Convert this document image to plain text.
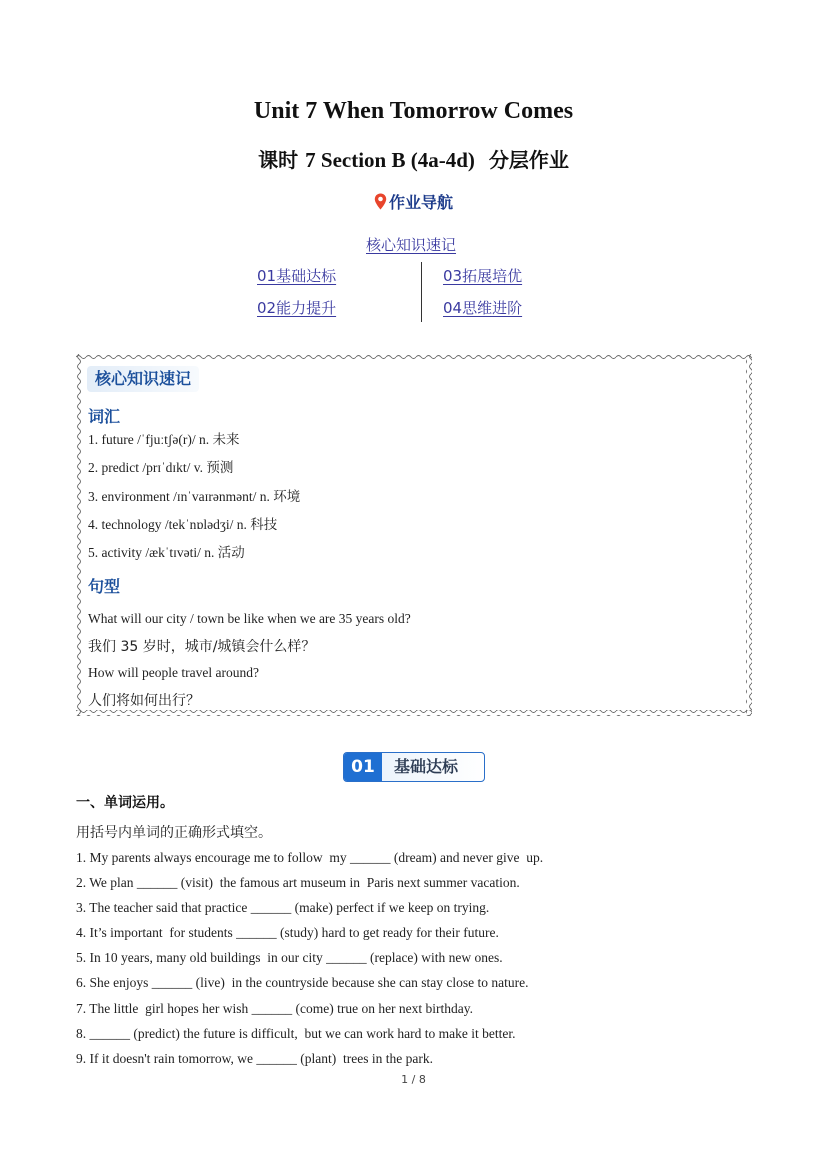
Unit 7 When Tomorrow Comes
课时 7 Section B (4a-4d)  分层作业
作业导航
核心知识速记
01基础达标	03拓展培优
02能力提升	04思维进阶
核心知识速记
词汇
1. future /ˈfjuːtʃə(r)/ n. 未来
2. predict /prɪˈdɪkt/ v. 预测
3. environment /ɪnˈvaɪrənmənt/ n. 环境
4. technology /tekˈnɒlədʒi/ n. 科技
5. activity /ækˈtɪvəti/ n. 活动
句型
What will our city / town be like when we are 35 years old?
我们 35 岁时，城市/城镇会什么样？
How will people travel around?
人们将如何出行？
01	基础达标
一、单词运用。
用括号内单词的正确形式填空。
1. My parents always encourage me to follow  my ______ (dream) and never give  up.
2. We plan ______ (visit)  the famous art museum in  Paris next summer vacation.
3. The teacher said that practice ______ (make) perfect if we keep on trying.
4. It’s important  for students ______ (study) hard to get ready for their future.
5. In 10 years, many old buildings  in our city ______ (replace) with new ones.
6. She enjoys ______ (live)  in the countryside because she can stay close to nature.
7. The little  girl hopes her wish ______ (come) true on her next birthday.
8. ______ (predict) the future is difficult,  but we can work hard to make it better.
9. If it doesn't rain tomorrow, we ______ (plant)  trees in the park.
1 / 8
